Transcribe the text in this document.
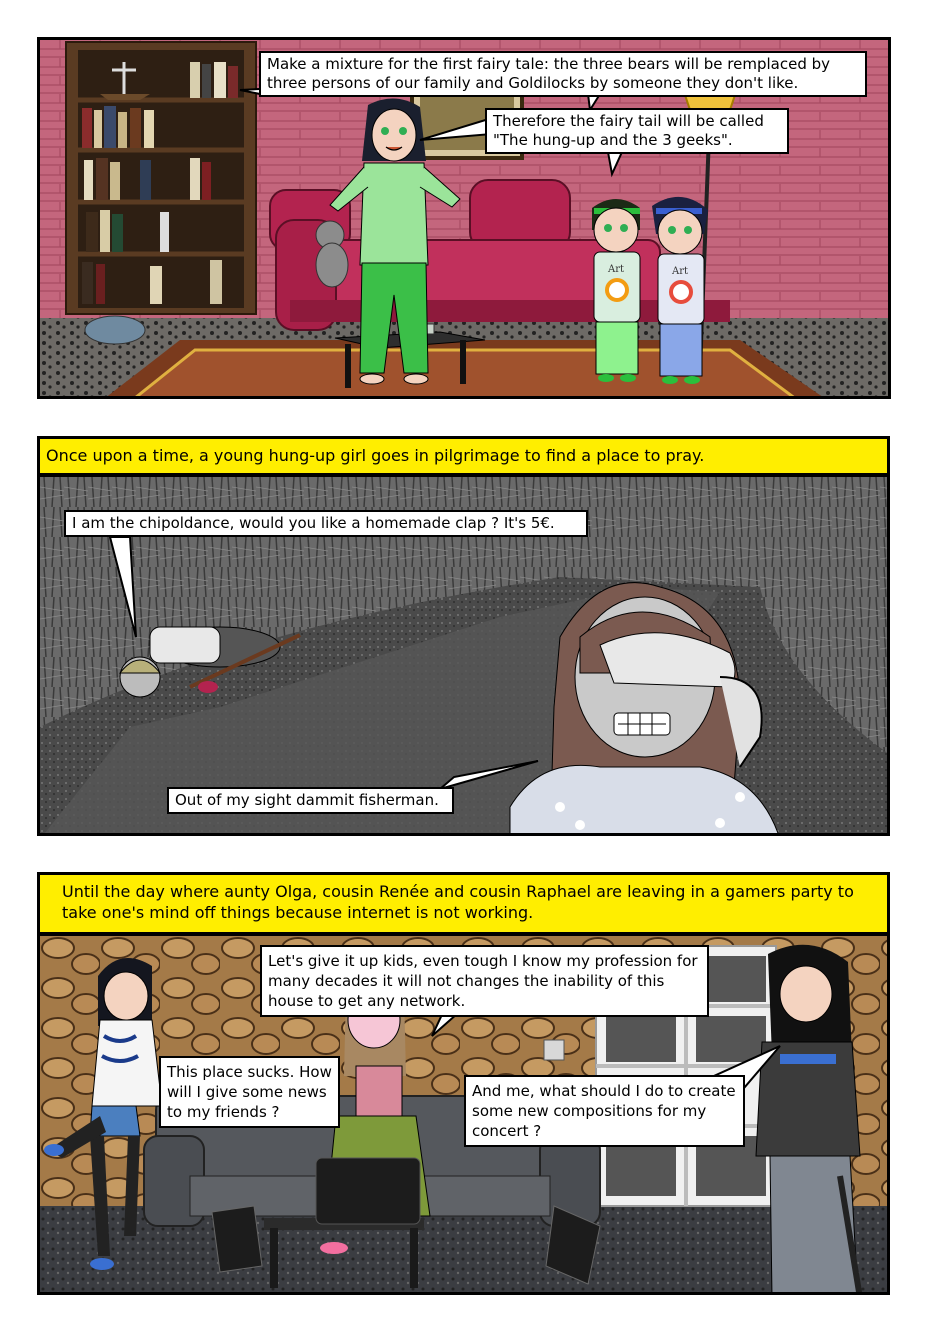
Art	Art
Make a mixture for the first fairy tale: the three bears will be remplaced by three persons of our family and Goldilocks by someone they don't like.
Therefore the fairy tail will be called "The hung-up and the 3 geeks".
Once upon a time, a young hung-up girl goes in pilgrimage to find a place to pray.
I am the chipoldance, would you like a homemade clap ? It's 5€.
Out of my sight dammit fisherman.
Until the day where aunty Olga, cousin Renée and cousin Raphael are leaving in a gamers party to take one's mind off things because internet is not working.
Let's give it up kids, even tough I know my profession for many decades it will not changes the inability of this house to get any network.
This place sucks. How will I give some news to my friends ?
And me, what should I do to create some new compositions for my concert ?
